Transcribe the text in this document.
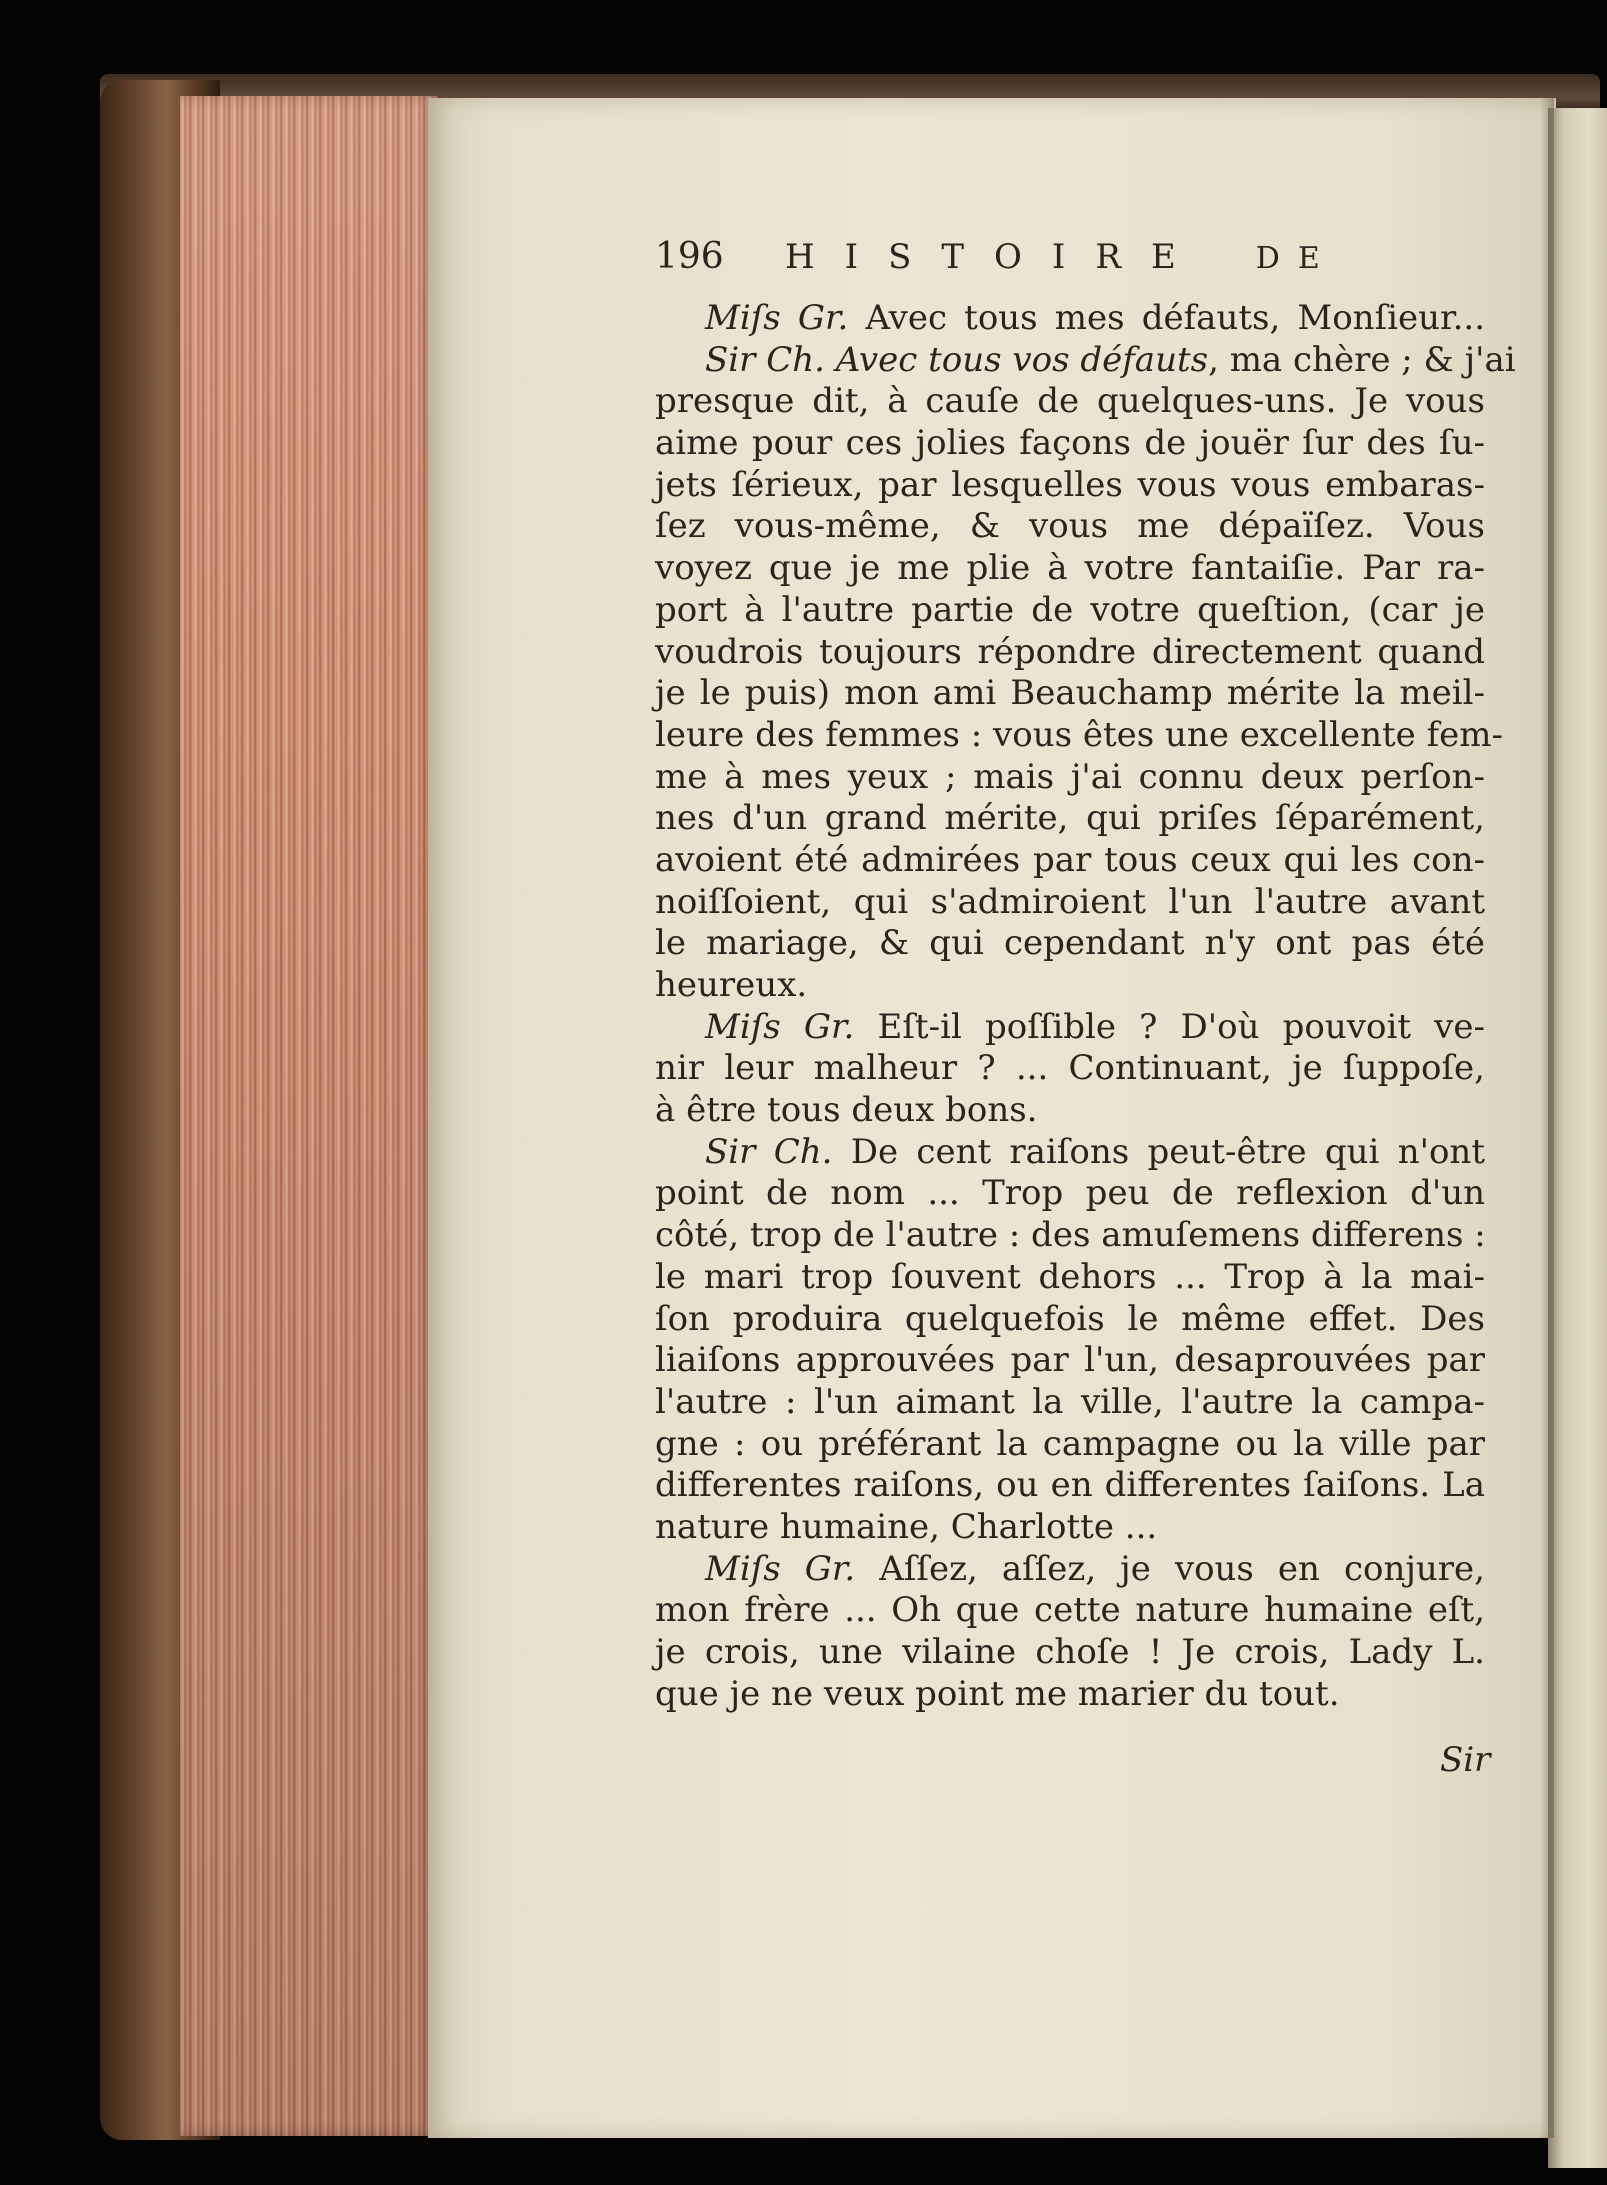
196	HISTOIRE DE
Miſs Gr. Avec tous mes défauts, Monſieur...
Sir Ch. Avec tous vos défauts, ma chère ; & j'ai
presque dit, à cauſe de quelques-uns. Je vous
aime pour ces jolies façons de jouër ſur des ſu-
jets ſérieux, par lesquelles vous vous embaras-
ſez vous-même, & vous me dépaïſez. Vous
voyez que je me plie à votre fantaiſie. Par ra-
port à l'autre partie de votre queſtion, (car je
voudrois toujours répondre directement quand
je le puis) mon ami Beauchamp mérite la meil-
leure des femmes : vous êtes une excellente fem-
me à mes yeux ; mais j'ai connu deux perſon-
nes d'un grand mérite, qui priſes ſéparément,
avoient été admirées par tous ceux qui les con-
noiſſoient, qui s'admiroient l'un l'autre avant
le mariage, & qui cependant n'y ont pas été
heureux.
Miſs Gr. Eſt-il poſſible ? D'où pouvoit ve-
nir leur malheur ? ... Continuant, je ſuppoſe,
à être tous deux bons.
Sir Ch. De cent raiſons peut-être qui n'ont
point de nom ... Trop peu de reflexion d'un
côté, trop de l'autre : des amuſemens differens :
le mari trop ſouvent dehors ... Trop à la mai-
ſon produira quelquefois le même effet. Des
liaiſons approuvées par l'un, desaprouvées par
l'autre : l'un aimant la ville, l'autre la campa-
gne : ou préférant la campagne ou la ville par
differentes raiſons, ou en differentes ſaiſons. La
nature humaine, Charlotte ...
Miſs Gr. Aſſez, aſſez, je vous en conjure,
mon frère ... Oh que cette nature humaine eſt,
je crois, une vilaine choſe ! Je crois, Lady L.
que je ne veux point me marier du tout.
Sir
